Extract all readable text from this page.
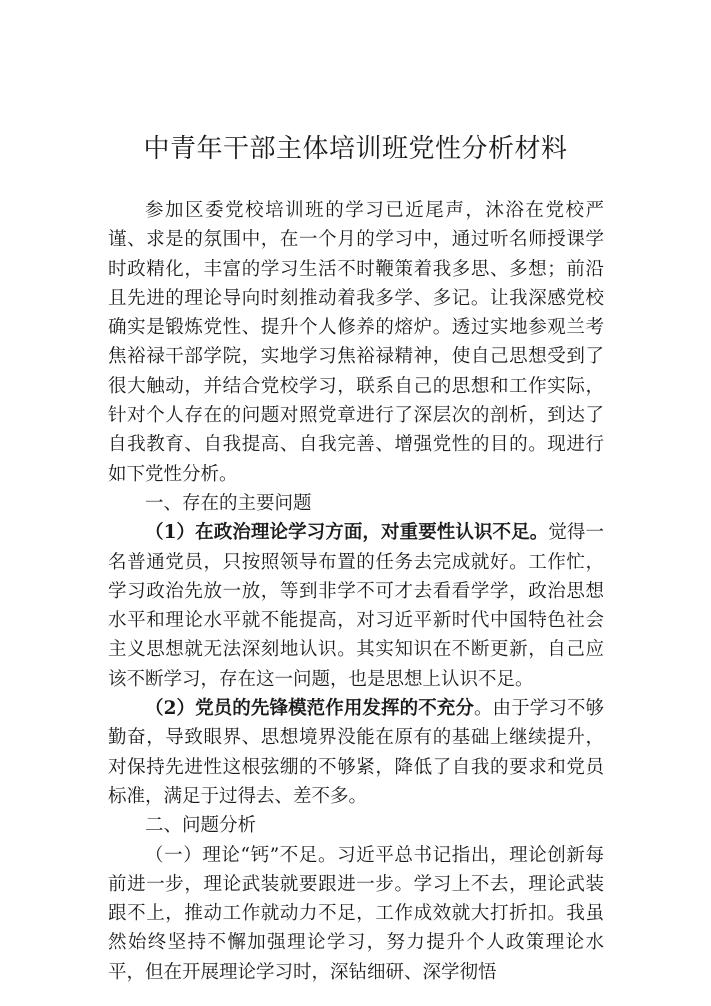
中青年干部主体培训班党性分析材料

参加区委党校培训班的学习已近尾声，沐浴在党校严谨、求是的氛围中，在一个月的学习中，通过听名师授课学时政精化，丰富的学习生活不时鞭策着我多思、多想；前沿且先进的理论导向时刻推动着我多学、多记。让我深感党校确实是锻炼党性、提升个人修养的熔炉。透过实地参观兰考焦裕禄干部学院，实地学习焦裕禄精神，使自己思想受到了很大触动，并结合党校学习，联系自己的思想和工作实际，针对个人存在的问题对照党章进行了深层次的剖析，到达了自我教育、自我提高、自我完善、增强党性的目的。现进行如下党性分析。

一、存在的主要问题

（1）在政治理论学习方面，对重要性认识不足。觉得一名普通党员，只按照领导布置的任务去完成就好。工作忙，学习政治先放一放，等到非学不可才去看看学学，政治思想水平和理论水平就不能提高，对习近平新时代中国特色社会主义思想就无法深刻地认识。其实知识在不断更新，自己应该不断学习，存在这一问题，也是思想上认识不足。

（2）党员的先锋模范作用发挥的不充分。由于学习不够勤奋，导致眼界、思想境界没能在原有的基础上继续提升，对保持先进性这根弦绷的不够紧，降低了自我的要求和党员标准，满足于过得去、差不多。

二、问题分析

（一）理论“钙”不足。习近平总书记指出，理论创新每前进一步，理论武装就要跟进一步。学习上不去，理论武装跟不上，推动工作就动力不足，工作成效就大打折扣。我虽然始终坚持不懈加强理论学习，努力提升个人政策理论水平，但在开展理论学习时，深钻细研、深学彻悟
